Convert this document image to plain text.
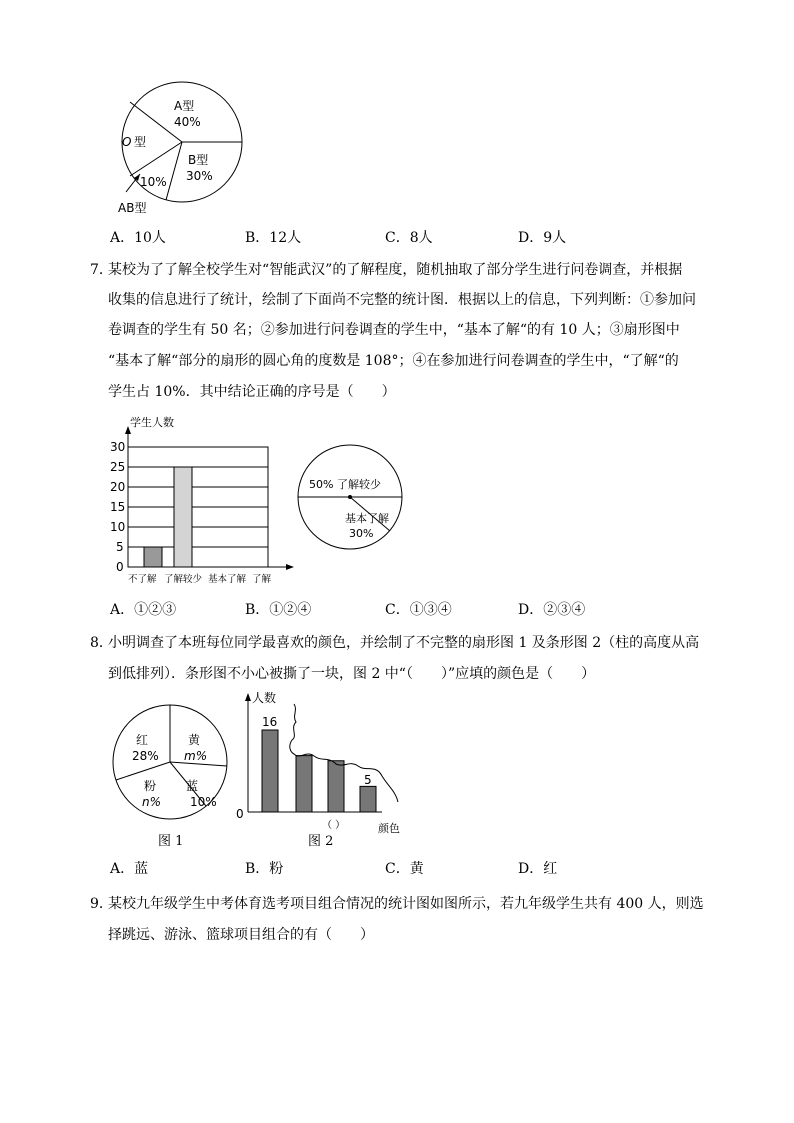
A型
40%
B型
30%
O 型
10%
AB型
A．10人	B．12人	C．8人	D．9人
7．
某校为了了解全校学生对“智能武汉”的了解程度，随机抽取了部分学生进行问卷调查，并根据
收集的信息进行了统计，绘制了下面尚不完整的统计图．根据以上的信息，下列判断：①参加问
卷调查的学生有 50 名；②参加进行问卷调查的学生中，“基本了解“的有 10 人；③扇形图中
“基本了解“部分的扇形的圆心角的度数是 108°；④在参加进行问卷调查的学生中，“了解“的
学生占 10%．其中结论正确的序号是（　　）
学生人数
30
25
20
15
10
5
0
不了解 了解较少 基本了解 了解
50% 了解较少
基本了解
30%
A．①②③	B．①②④	C．①③④	D．②③④
8．
小明调查了本班每位同学最喜欢的颜色，并绘制了不完整的扇形图 1 及条形图 2（柱的高度从高
到低排列）．条形图不小心被撕了一块，图 2 中“（　　）”应填的颜色是（　　）
红
28%
黄
m%
粉
n%
蓝
10%
图 1
人数
0
16
5
（ ）	颜色
图 2
A．蓝	B．粉	C．黄	D．红
9．
某校九年级学生中考体育选考项目组合情况的统计图如图所示，若九年级学生共有 400 人，则选
择跳远、游泳、篮球项目组合的有（　　）
